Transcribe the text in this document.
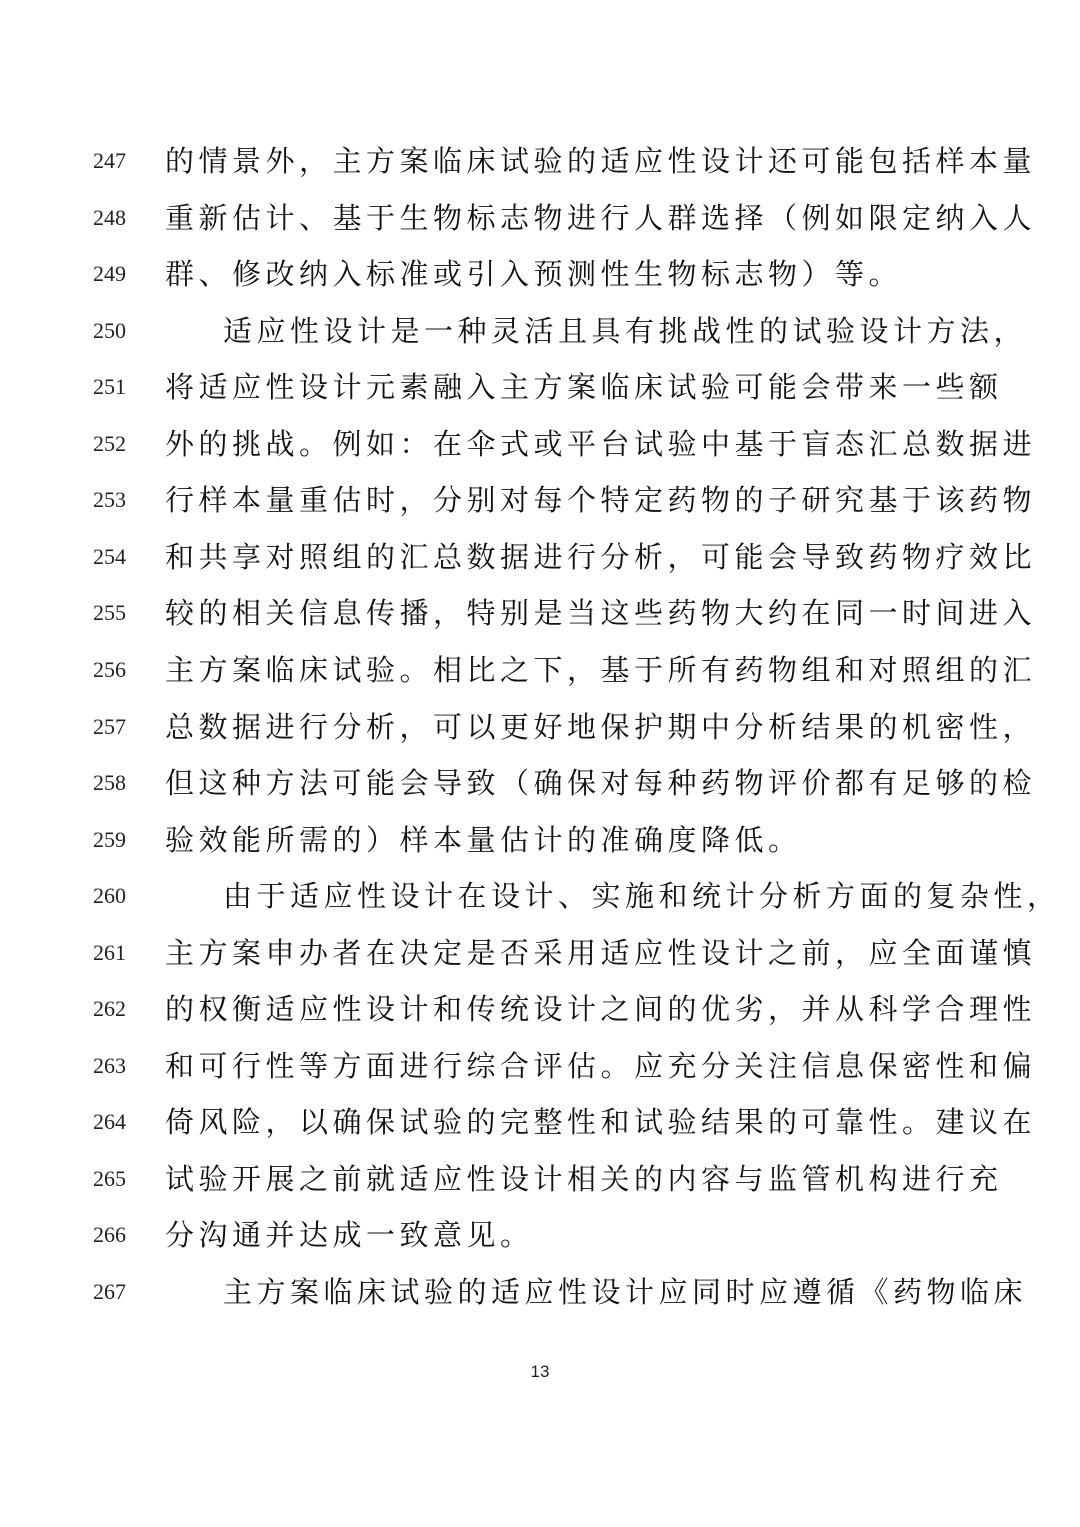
247	的情景外，主方案临床试验的适应性设计还可能包括样本量
248	重新估计、基于生物标志物进行人群选择（例如限定纳入人
249	群、修改纳入标准或引入预测性生物标志物）等。
250	适应性设计是一种灵活且具有挑战性的试验设计方法，
251	将适应性设计元素融入主方案临床试验可能会带来一些额
252	外的挑战。例如：在伞式或平台试验中基于盲态汇总数据进
253	行样本量重估时，分别对每个特定药物的子研究基于该药物
254	和共享对照组的汇总数据进行分析，可能会导致药物疗效比
255	较的相关信息传播，特别是当这些药物大约在同一时间进入
256	主方案临床试验。相比之下，基于所有药物组和对照组的汇
257	总数据进行分析，可以更好地保护期中分析结果的机密性，
258	但这种方法可能会导致（确保对每种药物评价都有足够的检
259	验效能所需的）样本量估计的准确度降低。
260	由于适应性设计在设计、实施和统计分析方面的复杂性，
261	主方案申办者在决定是否采用适应性设计之前，应全面谨慎
262	的权衡适应性设计和传统设计之间的优劣，并从科学合理性
263	和可行性等方面进行综合评估。应充分关注信息保密性和偏
264	倚风险，以确保试验的完整性和试验结果的可靠性。建议在
265	试验开展之前就适应性设计相关的内容与监管机构进行充
266	分沟通并达成一致意见。
267	主方案临床试验的适应性设计应同时应遵循《药物临床
13
